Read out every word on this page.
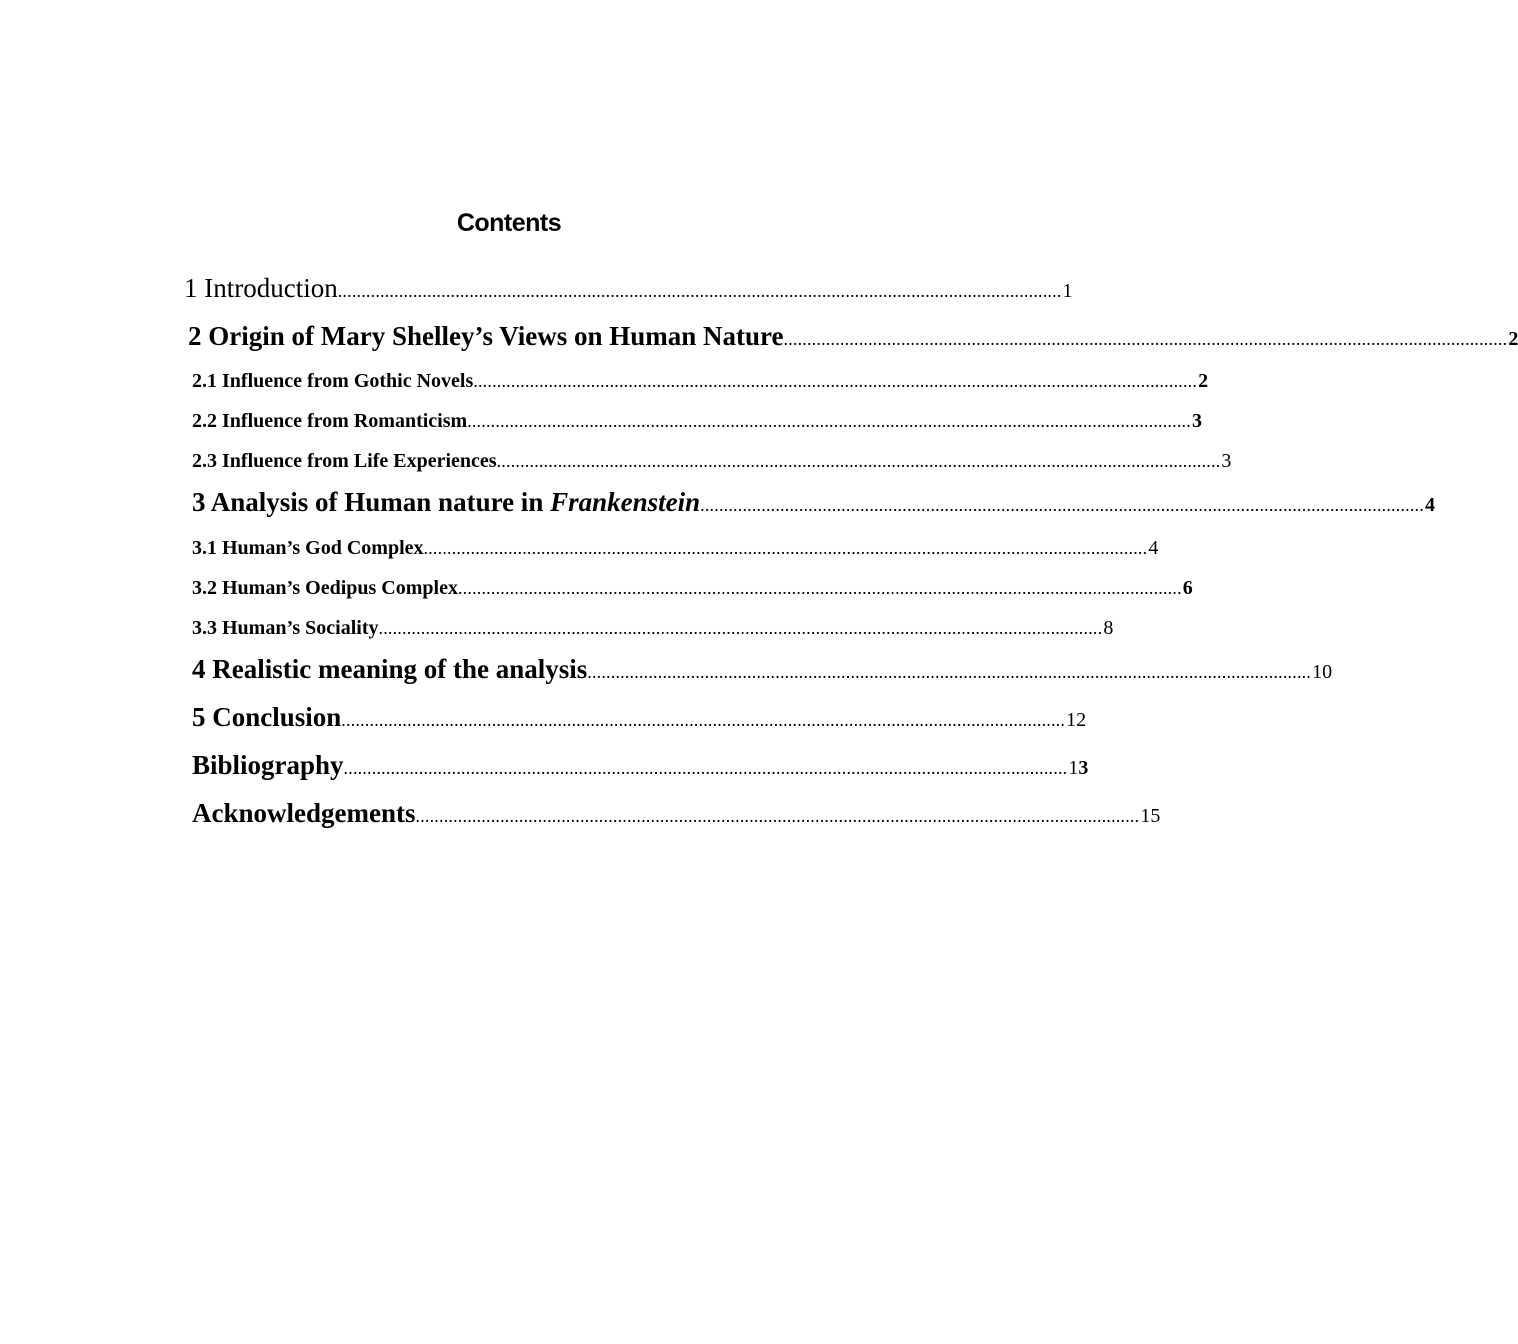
Contents
1 Introduction .......................................................................................................................................................... 1
2 Origin of Mary Shelley’s Views on Human Nature .......................................................................................................................................................... 2
2.1 Influence from Gothic Novels .......................................................................................................................................................... 2
2.2 Influence from Romanticism .......................................................................................................................................................... 3
2.3 Influence from Life Experiences .......................................................................................................................................................... 3
3 Analysis of Human nature in Frankenstein .......................................................................................................................................................... 4
3.1 Human’s God Complex .......................................................................................................................................................... 4
3.2 Human’s Oedipus Complex .......................................................................................................................................................... 6
3.3 Human’s Sociality .......................................................................................................................................................... 8
4 Realistic meaning of the analysis .......................................................................................................................................................... 10
5 Conclusion .......................................................................................................................................................... 12
Bibliography .......................................................................................................................................................... 13
Acknowledgements .......................................................................................................................................................... 15
